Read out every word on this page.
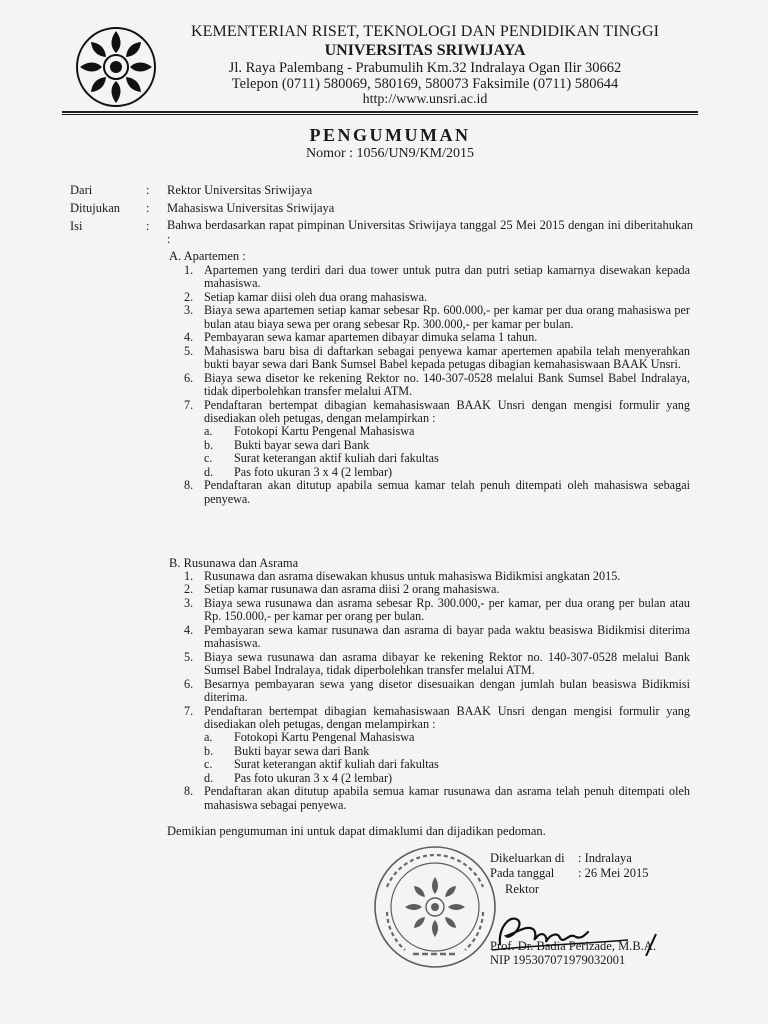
KEMENTERIAN RISET, TEKNOLOGI DAN PENDIDIKAN TINGGI
UNIVERSITAS SRIWIJAYA
Jl. Raya Palembang - Prabumulih Km.32 Indralaya Ogan Ilir 30662
Telepon (0711) 580069, 580169, 580073 Faksimile (0711) 580644
http://www.unsri.ac.id
PENGUMUMAN
Nomor : 1056/UN9/KM/2015
Dari	: Rektor Universitas Sriwijaya
Ditujukan : Mahasiswa Universitas Sriwijaya
Isi	: Bahwa berdasarkan rapat pimpinan Universitas Sriwijaya tanggal 25 Mei 2015 dengan ini diberitahukan :
A. Apartemen :
1. Apartemen yang terdiri dari dua tower untuk putra dan putri setiap kamarnya disewakan kepada mahasiswa.
2. Setiap kamar diisi oleh dua orang mahasiswa.
3. Biaya sewa apartemen setiap kamar sebesar Rp. 600.000,- per kamar per dua orang mahasiswa per bulan atau biaya sewa per orang sebesar Rp. 300.000,- per kamar per bulan.
4. Pembayaran sewa kamar apartemen dibayar dimuka selama 1 tahun.
5. Mahasiswa baru bisa di daftarkan sebagai penyewa kamar apertemen apabila telah menyerahkan bukti bayar sewa dari Bank Sumsel Babel kepada petugas dibagian kemahasiswaan BAAK Unsri.
6. Biaya sewa disetor ke rekening Rektor no. 140-307-0528 melalui Bank Sumsel Babel Indralaya, tidak diperbolehkan transfer melalui ATM.
7. Pendaftaran bertempat dibagian kemahasiswaan BAAK Unsri dengan mengisi formulir yang disediakan oleh petugas, dengan melampirkan :
a. Fotokopi Kartu Pengenal Mahasiswa
b. Bukti bayar sewa dari Bank
c. Surat keterangan aktif kuliah dari fakultas
d. Pas foto ukuran 3 x 4 (2 lembar)
8. Pendaftaran akan ditutup apabila semua kamar telah penuh ditempati oleh mahasiswa sebagai penyewa.
B. Rusunawa dan Asrama
1. Rusunawa dan asrama disewakan khusus untuk mahasiswa Bidikmisi angkatan 2015.
2. Setiap kamar rusunawa dan asrama diisi 2 orang mahasiswa.
3. Biaya sewa rusunawa dan asrama sebesar Rp. 300.000,- per kamar, per dua orang per bulan atau Rp. 150.000,- per kamar per orang per bulan.
4. Pembayaran sewa kamar rusunawa dan asrama di bayar pada waktu beasiswa Bidikmisi diterima mahasiswa.
5. Biaya sewa rusunawa dan asrama dibayar ke rekening Rektor no. 140-307-0528 melalui Bank Sumsel Babel Indralaya, tidak diperbolehkan transfer melalui ATM.
6. Besarnya pembayaran sewa yang disetor disesuaikan dengan jumlah bulan beasiswa Bidikmisi diterima.
7. Pendaftaran bertempat dibagian kemahasiswaan BAAK Unsri dengan mengisi formulir yang disediakan oleh petugas, dengan melampirkan :
a. Fotokopi Kartu Pengenal Mahasiswa
b. Bukti bayar sewa dari Bank
c. Surat keterangan aktif kuliah dari fakultas
d. Pas foto ukuran 3 x 4 (2 lembar)
8. Pendaftaran akan ditutup apabila semua kamar rusunawa dan asrama telah penuh ditempati oleh mahasiswa sebagai penyewa.
Demikian pengumuman ini untuk dapat dimaklumi dan dijadikan pedoman.
Dikeluarkan di : Indralaya
Pada tanggal : 26 Mei 2015
Rektor
Prof. Dr. Badia Perizade, M.B.A.
NIP 195307071979032001
